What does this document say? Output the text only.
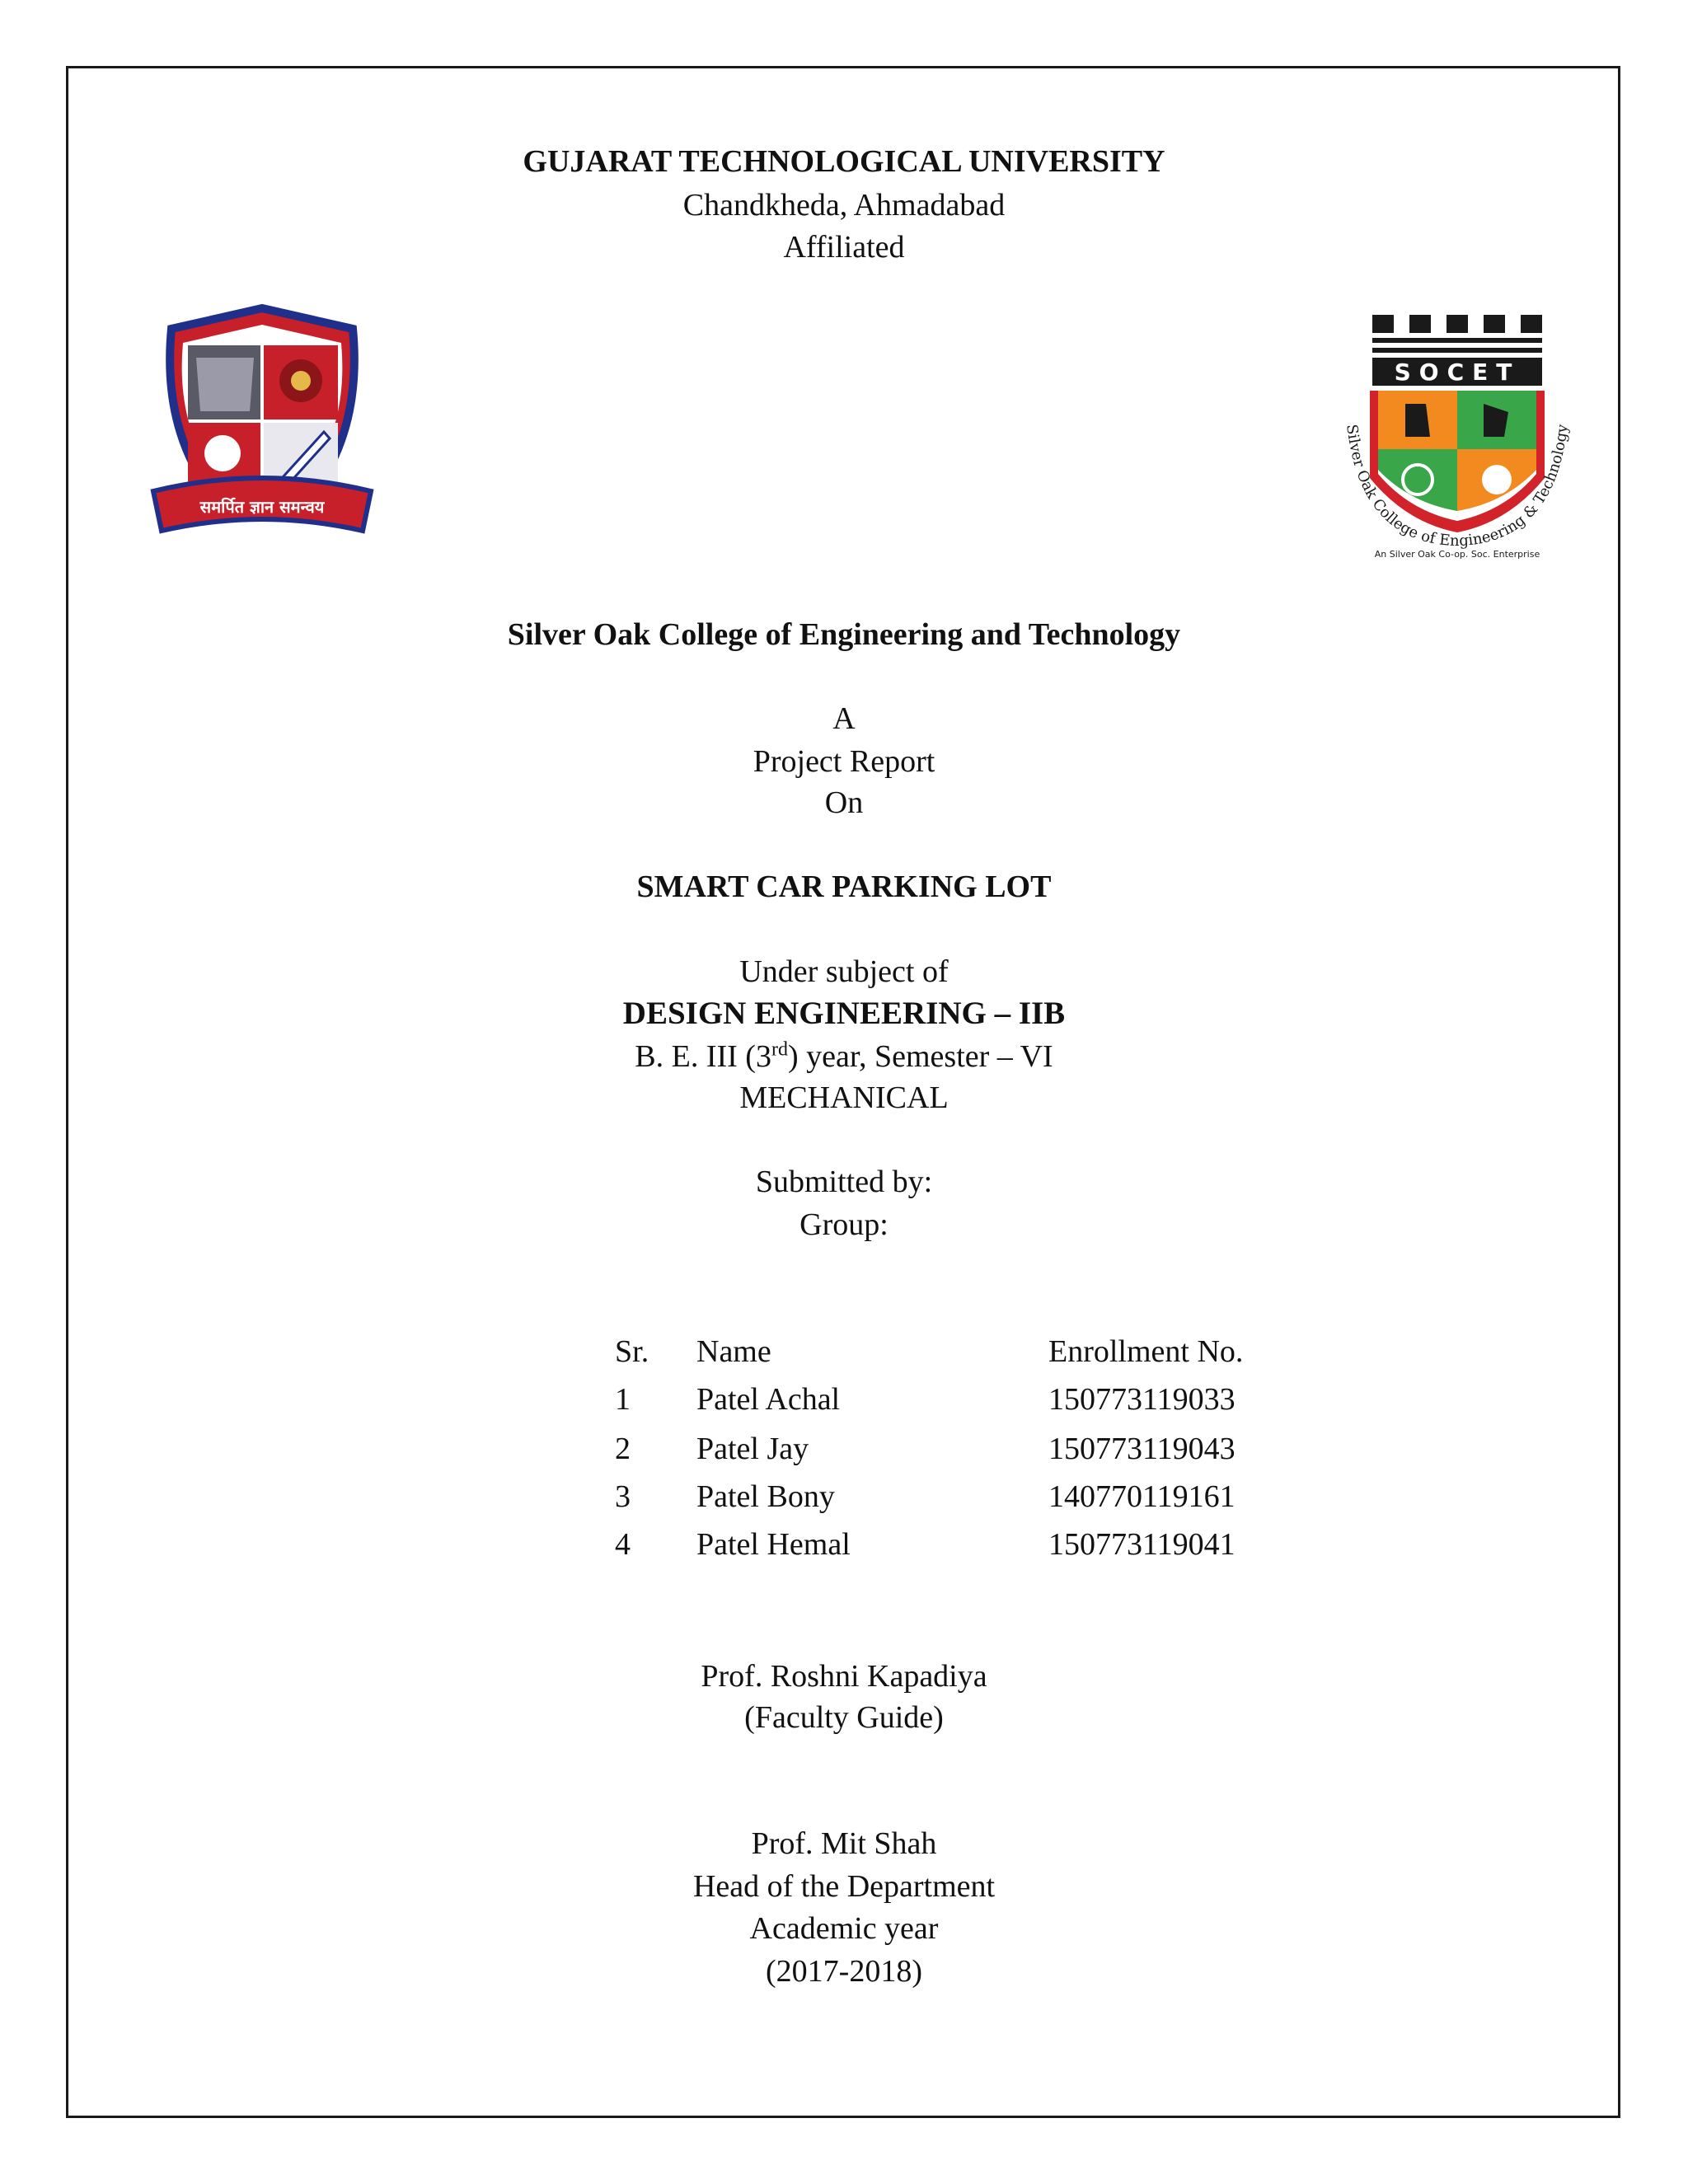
GUJARAT TECHNOLOGICAL UNIVERSITY
Chandkheda, Ahmadabad
Affiliated
समर्पित ज्ञान समन्वय
SOCET
An Silver Oak Co-op. Soc. Enterprise
Silver Oak College of Engineering & Technology
Silver Oak College of Engineering and Technology
A
Project Report
On
SMART CAR PARKING LOT
Under subject of
DESIGN ENGINEERING – IIB
B. E. III (3rd) year, Semester – VI
MECHANICAL
Submitted by:
Group:
Sr. Name	Enrollment No.
1 Patel Achal	150773119033
2 Patel Jay	150773119043
3 Patel Bony	140770119161
4 Patel Hemal	150773119041
Prof. Roshni Kapadiya
(Faculty Guide)
Prof. Mit Shah
Head of the Department
Academic year
(2017-2018)
